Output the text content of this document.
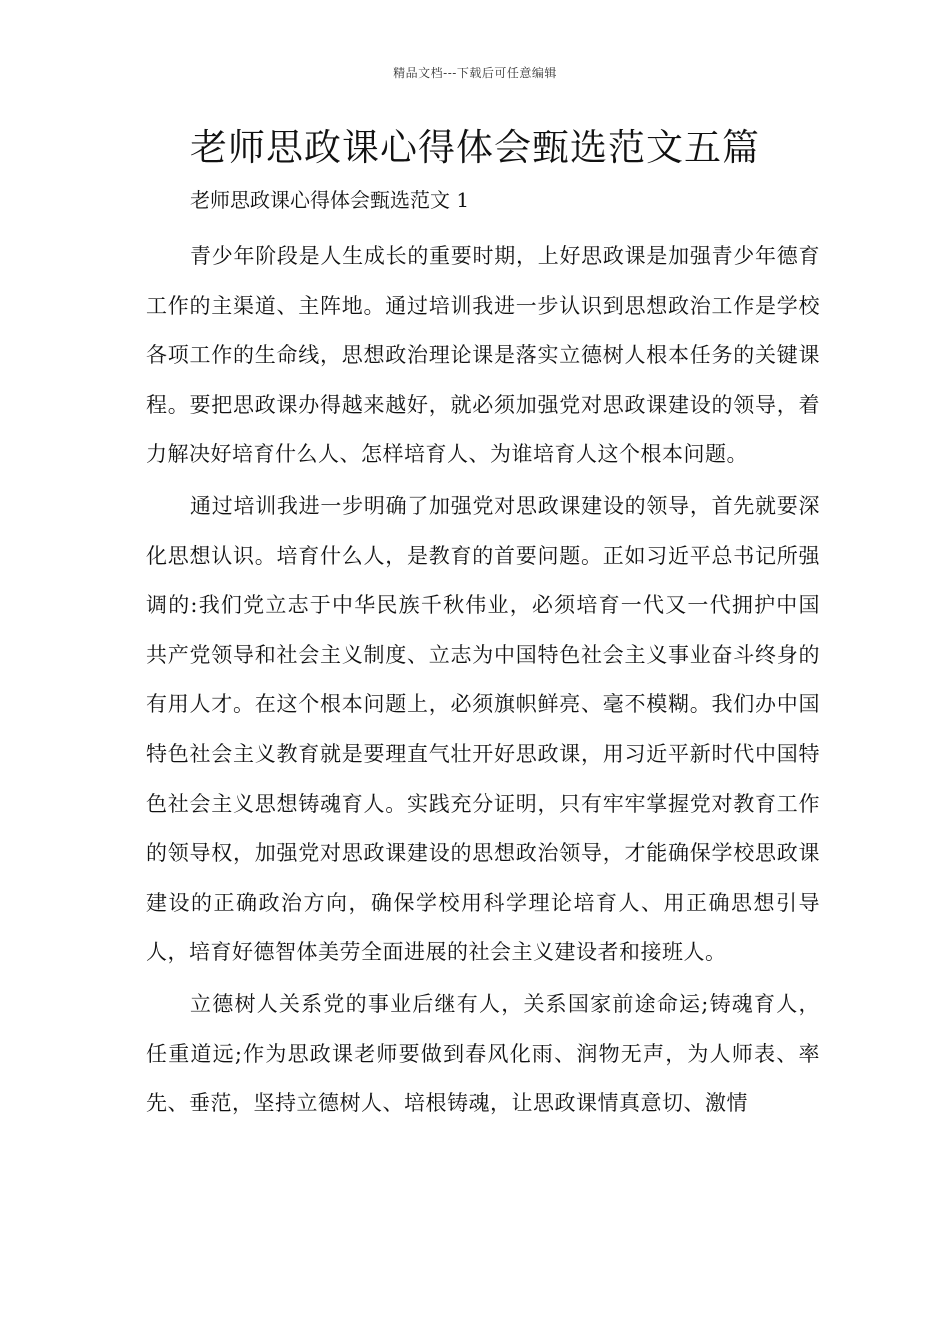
精品文档---下载后可任意编辑
老师思政课心得体会甄选范文五篇

老师思政课心得体会甄选范文 1

青少年阶段是人生成长的重要时期，上好思政课是加强青少年德育工作的主渠道、主阵地。通过培训我进一步认识到思想政治工作是学校各项工作的生命线，思想政治理论课是落实立德树人根本任务的关键课程。要把思政课办得越来越好，就必须加强党对思政课建设的领导，着力解决好培育什么人、怎样培育人、为谁培育人这个根本问题。

通过培训我进一步明确了加强党对思政课建设的领导，首先就要深化思想认识。培育什么人，是教育的首要问题。正如习近平总书记所强调的:我们党立志于中华民族千秋伟业，必须培育一代又一代拥护中国共产党领导和社会主义制度、立志为中国特色社会主义事业奋斗终身的有用人才。在这个根本问题上，必须旗帜鲜亮、毫不模糊。我们办中国特色社会主义教育就是要理直气壮开好思政课，用习近平新时代中国特色社会主义思想铸魂育人。实践充分证明，只有牢牢掌握党对教育工作的领导权，加强党对思政课建设的思想政治领导，才能确保学校思政课建设的正确政治方向，确保学校用科学理论培育人、用正确思想引导人，培育好德智体美劳全面进展的社会主义建设者和接班人。

立德树人关系党的事业后继有人，关系国家前途命运;铸魂育人，任重道远;作为思政课老师要做到春风化雨、润物无声，为人师表、率先、垂范，坚持立德树人、培根铸魂，让思政课情真意切、激情
